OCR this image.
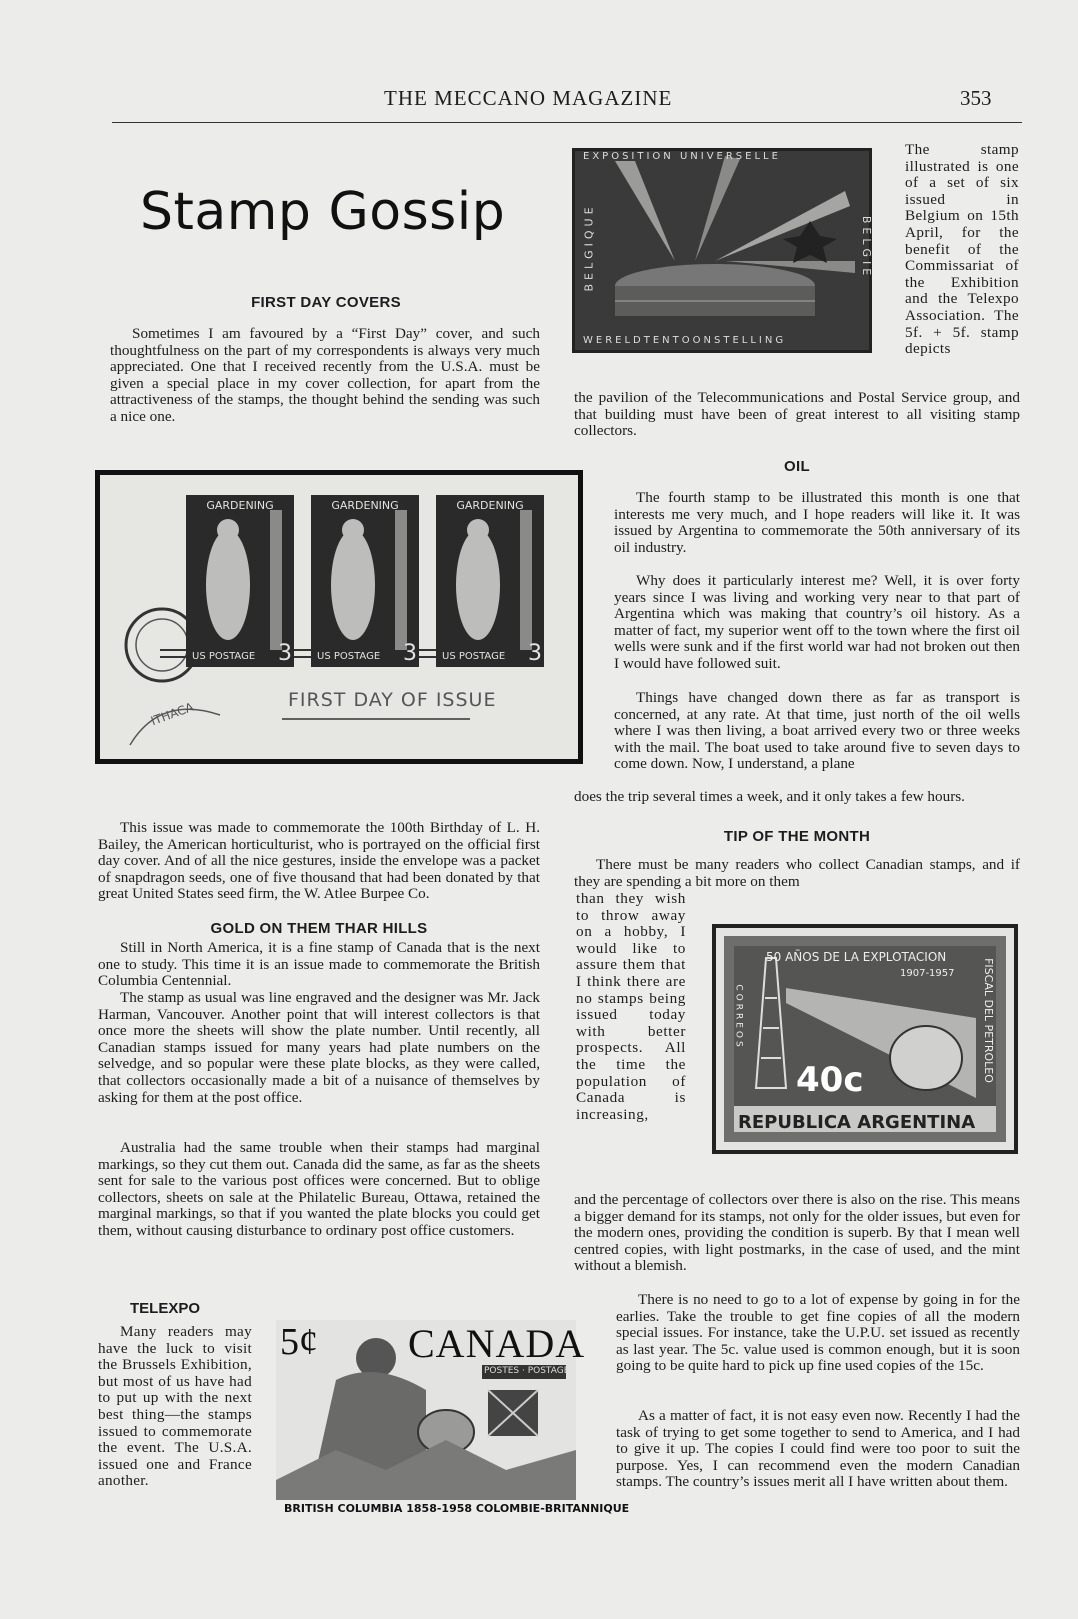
THE MECCANO MAGAZINE	353
Stamp Gossip
FIRST DAY COVERS

Sometimes I am favoured by a “First Day” cover, and such thoughtfulness on the part of my correspondents is always very much appreciated. One that I received recently from the U.S.A. must be given a special place in my cover collection, for apart from the attractiveness of the stamps, the thought behind the sending was such a nice one.

GARDENING	GARDENING	GARDENING
US POSTAGE	US POSTAGE	US POSTAGE
3	3	3
FIRST DAY OF ISSUE
ITHACA

This issue was made to commemorate the 100th Birthday of L. H. Bailey, the American horticulturist, who is portrayed on the official first day cover. And of all the nice gestures, inside the envelope was a packet of snapdragon seeds, one of five thousand that had been donated by that great United States seed firm, the W. Atlee Burpee Co.

GOLD ON THEM THAR HILLS

Still in North America, it is a fine stamp of Canada that is the next one to study. This time it is an issue made to commemorate the British Columbia Centennial.

The stamp as usual was line engraved and the designer was Mr. Jack Harman, Vancouver. Another point that will interest collectors is that once more the sheets will show the plate number. Until recently, all Canadian stamps issued for many years had plate numbers on the selvedge, and so popular were these plate blocks, as they were called, that collectors occasionally made a bit of a nuisance of themselves by asking for them at the post office.

Australia had the same trouble when their stamps had marginal markings, so they cut them out. Canada did the same, as far as the sheets sent for sale to the various post offices were concerned. But to oblige collectors, sheets on sale at the Philatelic Bureau, Ottawa, retained the marginal markings, so that if you wanted the plate blocks you could get them, without causing disturbance to ordinary post office customers.

TELEXPO

Many readers may have the luck to visit the Brussels Exhibition, but most of us have had to put up with the next best thing—the stamps issued to commemorate the event. The U.S.A. issued one and France another.

5¢ CANADA
POSTES · POSTAGE
BRITISH COLUMBIA 1858-1958 COLOMBIE-BRITANNIQUE
EXPOSITION UNIVERSELLE
WERELDTENTOONSTELLING
BELGIQUE	BELGIE

The stamp illustrated is one of a set of six issued in Belgium on 15th April, for the benefit of the Commissariat of the Exhibition and the Telexpo Association. The 5f. + 5f. stamp depicts

the pavilion of the Telecommunications and Postal Service group, and that building must have been of great interest to all visiting stamp collectors.

OIL

The fourth stamp to be illustrated this month is one that interests me very much, and I hope readers will like it. It was issued by Argentina to commemorate the 50th anniversary of its oil industry.

Why does it particularly interest me? Well, it is over forty years since I was living and working very near to that part of Argentina which was making that country’s oil history. As a matter of fact, my superior went off to the town where the first oil wells were sunk and if the first world war had not broken out then I would have followed suit.

Things have changed down there as far as transport is concerned, at any rate. At that time, just north of the oil wells where I was then living, a boat arrived every two or three weeks with the mail. The boat used to take around five to seven days to come down. Now, I understand, a plane

does the trip several times a week, and it only takes a few hours.

TIP OF THE MONTH

There must be many readers who collect Canadian stamps, and if they are spending a bit more on them

than they wish to throw away on a hobby, I would like to assure them that I think there are no stamps being issued today with better prospects. All the time the population of Canada is increasing,

50 AÑOS DE LA EXPLOTACION
1907-1957
CORREOS	FISCAL DEL PETROLEO
40c
REPUBLICA ARGENTINA

and the percentage of collectors over there is also on the rise. This means a bigger demand for its stamps, not only for the older issues, but even for the modern ones, providing the condition is superb. By that I mean well centred copies, with light postmarks, in the case of used, and the mint without a blemish.

There is no need to go to a lot of expense by going in for the earlies. Take the trouble to get fine copies of all the modern special issues. For instance, take the U.P.U. set issued as recently as last year. The 5c. value used is common enough, but it is soon going to be quite hard to pick up fine used copies of the 15c.

As a matter of fact, it is not easy even now. Recently I had the task of trying to get some together to send to America, and I had to give it up. The copies I could find were too poor to suit the purpose. Yes, I can recommend even the modern Canadian stamps. The country’s issues merit all I have written about them.
